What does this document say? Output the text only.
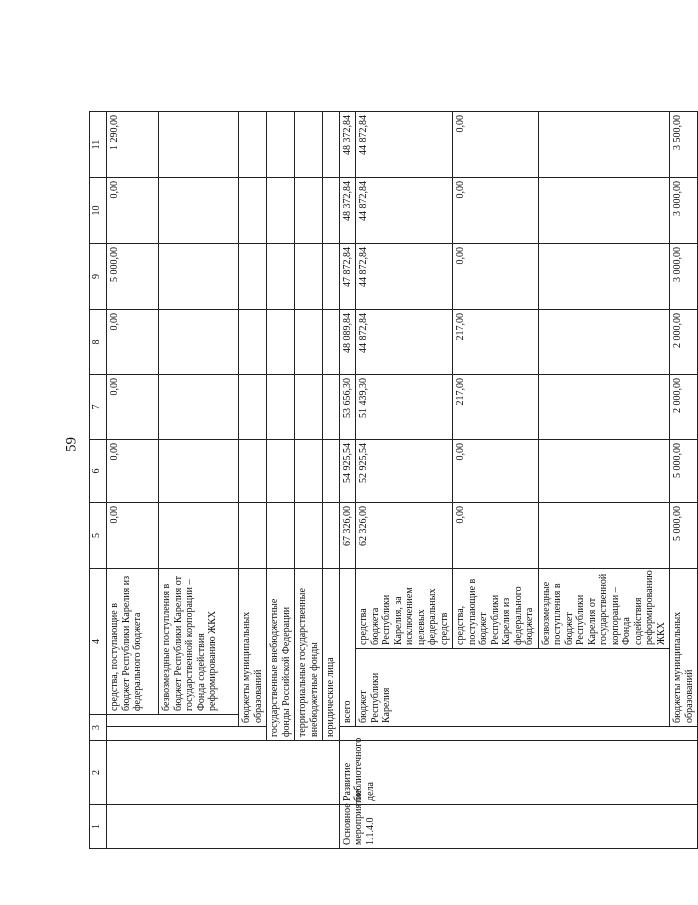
59
1	2	3		4		5	6	7	8	9	10	11
				средства, поступающие в бюджет Республики Карелия из федерального бюджета		0,00	0,00	0,00	0,00	5 000,00	0,00	1 290,00
				безвозмездные поступления в бюджет Республики Карелия от государственной корпорации – Фонда содействия реформированию ЖКХ								
			бюджеты муниципальных образований									
		государственные внебюджетные фонды Российской Федерации										
		территориальные государственные внебюджетные фонды										
		юридические лица										
Основное мероприятие 1.1.4.0	Развитие библиотечного дела		всего			67 326,00	54 925,54	53 656,30	48 089,84	47 872,84	48 372,84	48 372,84
			бюджет Республики Карелия		средства бюджета Республики Карелия, за исключением целевых федеральных средств	62 326,00	52 925,54	51 439,30	44 872,84	44 872,84	44 872,84	44 872,84
					средства, поступающие в бюджет Республики Карелия из федерального бюджета	0,00	0,00	217,00	217,00	0,00	0,00	0,00
					безвозмездные поступления в бюджет Республики Карелия от государственной корпорации – Фонда содействия реформированию ЖКХ							
			бюджеты муниципальных образований			5 000,00	5 000,00	2 000,00	2 000,00	3 000,00	3 000,00	3 500,00
